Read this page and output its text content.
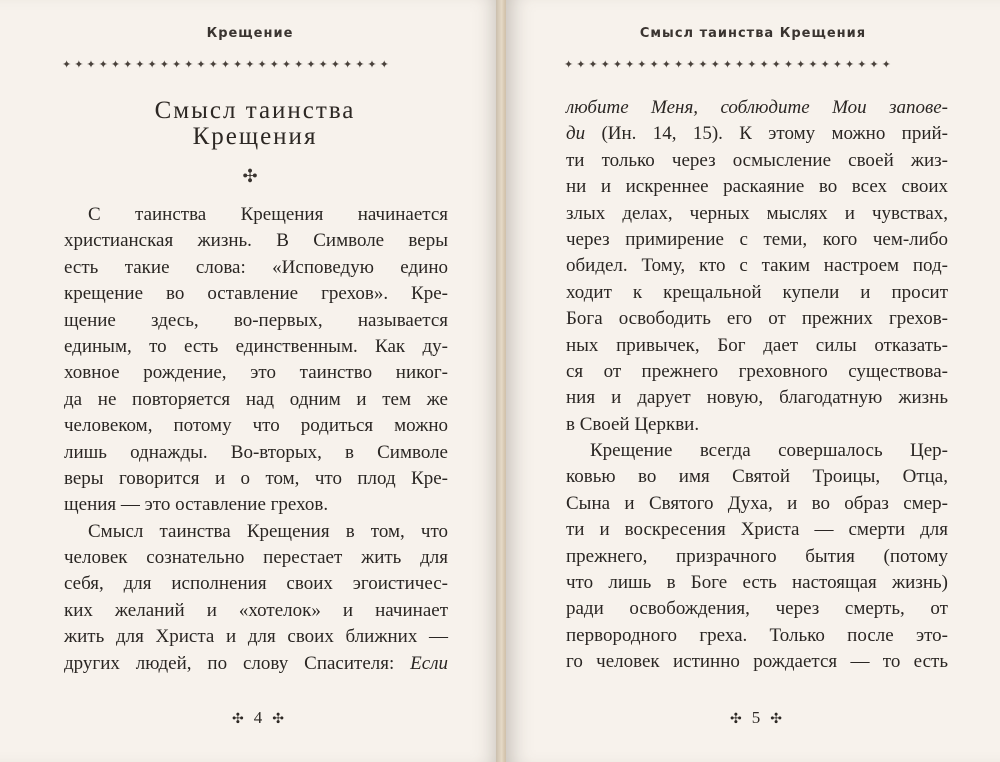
Крещение
✦✦✦✦✦✦✦✦✦✦✦✦✦✦✦✦✦✦✦✦✦✦✦✦✦✦✦
Смысл таинства
Крещения
✣
С таинства Крещения начинается
христианская жизнь. В Символе веры
есть такие слова: «Исповедую едино
крещение во оставление грехов». Кре-
щение здесь, во-первых, называется
единым, то есть единственным. Как ду-
ховное рождение, это таинство никог-
да не повторяется над одним и тем же
человеком, потому что родиться можно
лишь однажды. Во-вторых, в Символе
веры говорится и о том, что плод Кре-
щения — это оставление грехов.
Смысл таинства Крещения в том, что
человек сознательно перестает жить для
себя, для исполнения своих эгоистичес-
ких желаний и «хотелок» и начинает
жить для Христа и для своих ближних —
других людей, по слову Спасителя: Если
✣ 4 ✣
Смысл таинства Крещения
✦✦✦✦✦✦✦✦✦✦✦✦✦✦✦✦✦✦✦✦✦✦✦✦✦✦✦
любите Меня, соблюдите Мои запове-
ди (Ин. 14, 15). К этому можно прий-
ти только через осмысление своей жиз-
ни и искреннее раскаяние во всех своих
злых делах, черных мыслях и чувствах,
через примирение с теми, кого чем-либо
обидел. Тому, кто с таким настроем под-
ходит к крещальной купели и просит
Бога освободить его от прежних грехов-
ных привычек, Бог дает силы отказать-
ся от прежнего греховного существова-
ния и дарует новую, благодатную жизнь
в Своей Церкви.
Крещение всегда совершалось Цер-
ковью во имя Святой Троицы, Отца,
Сына и Святого Духа, и во образ смер-
ти и воскресения Христа — смерти для
прежнего, призрачного бытия (потому
что лишь в Боге есть настоящая жизнь)
ради освобождения, через смерть, от
первородного греха. Только после это-
го человек истинно рождается — то есть
✣ 5 ✣
